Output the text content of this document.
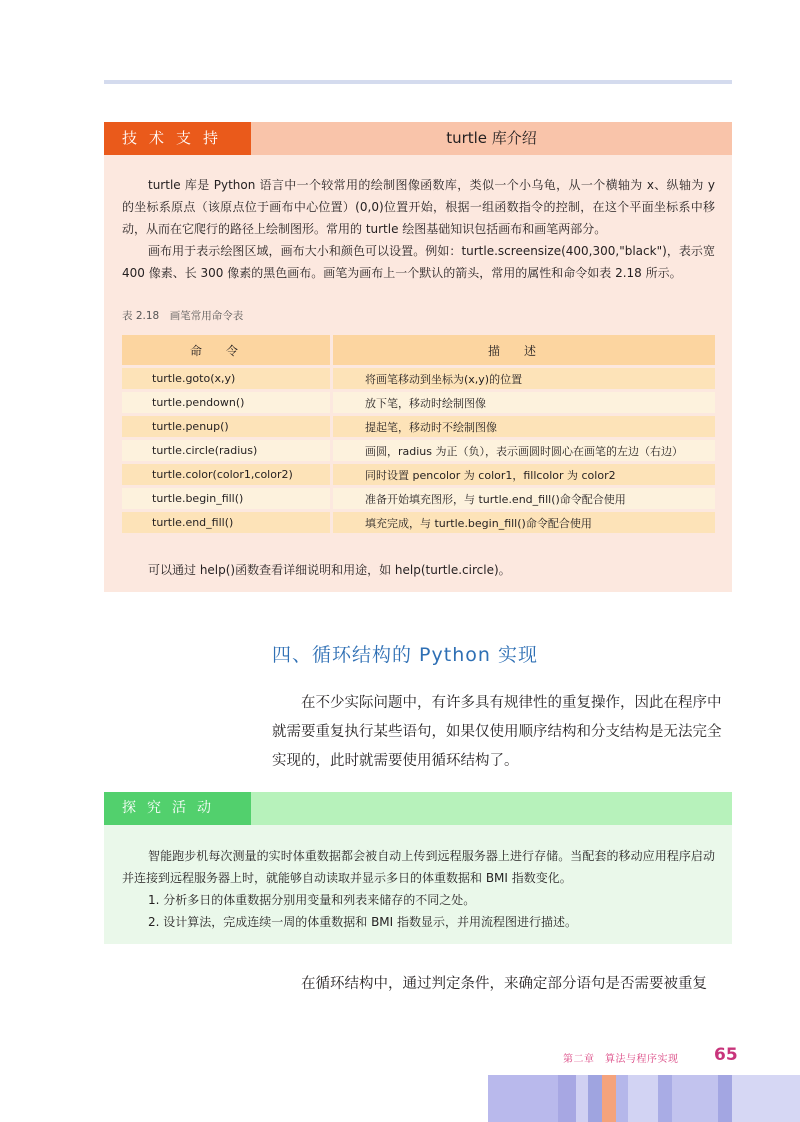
技术支持	turtle 库介绍
turtle 库是 Python 语言中一个较常用的绘制图像函数库，类似一个小乌龟，从一个横轴为 x、纵轴为 y 的坐标系原点（该原点位于画布中心位置）(0,0)位置开始，根据一组函数指令的控制，在这个平面坐标系中移动，从而在它爬行的路径上绘制图形。常用的 turtle 绘图基础知识包括画布和画笔两部分。
画布用于表示绘图区域，画布大小和颜色可以设置。例如：turtle.screensize(400,300,"black")，表示宽 400 像素、长 300 像素的黑色画布。画笔为画布上一个默认的箭头，常用的属性和命令如表 2.18 所示。
表 2.18　画笔常用命令表
命令	描述
turtle.goto(x,y)	将画笔移动到坐标为(x,y)的位置
turtle.pendown()	放下笔，移动时绘制图像
turtle.penup()	提起笔，移动时不绘制图像
turtle.circle(radius)	画圆，radius 为正（负），表示画圆时圆心在画笔的左边（右边）
turtle.color(color1,color2)	同时设置 pencolor 为 color1，fillcolor 为 color2
turtle.begin_fill()	准备开始填充图形，与 turtle.end_fill()命令配合使用
turtle.end_fill()	填充完成，与 turtle.begin_fill()命令配合使用
可以通过 help()函数查看详细说明和用途，如 help(turtle.circle)。
四、循环结构的 Python 实现
在不少实际问题中，有许多具有规律性的重复操作，因此在程序中就需要重复执行某些语句，如果仅使用顺序结构和分支结构是无法完全实现的，此时就需要使用循环结构了。
探究活动
智能跑步机每次测量的实时体重数据都会被自动上传到远程服务器上进行存储。当配套的移动应用程序启动并连接到远程服务器上时，就能够自动读取并显示多日的体重数据和 BMI 指数变化。
1. 分析多日的体重数据分别用变量和列表来储存的不同之处。
2. 设计算法，完成连续一周的体重数据和 BMI 指数显示，并用流程图进行描述。
在循环结构中，通过判定条件，来确定部分语句是否需要被重复
第二章　算法与程序实现 65
